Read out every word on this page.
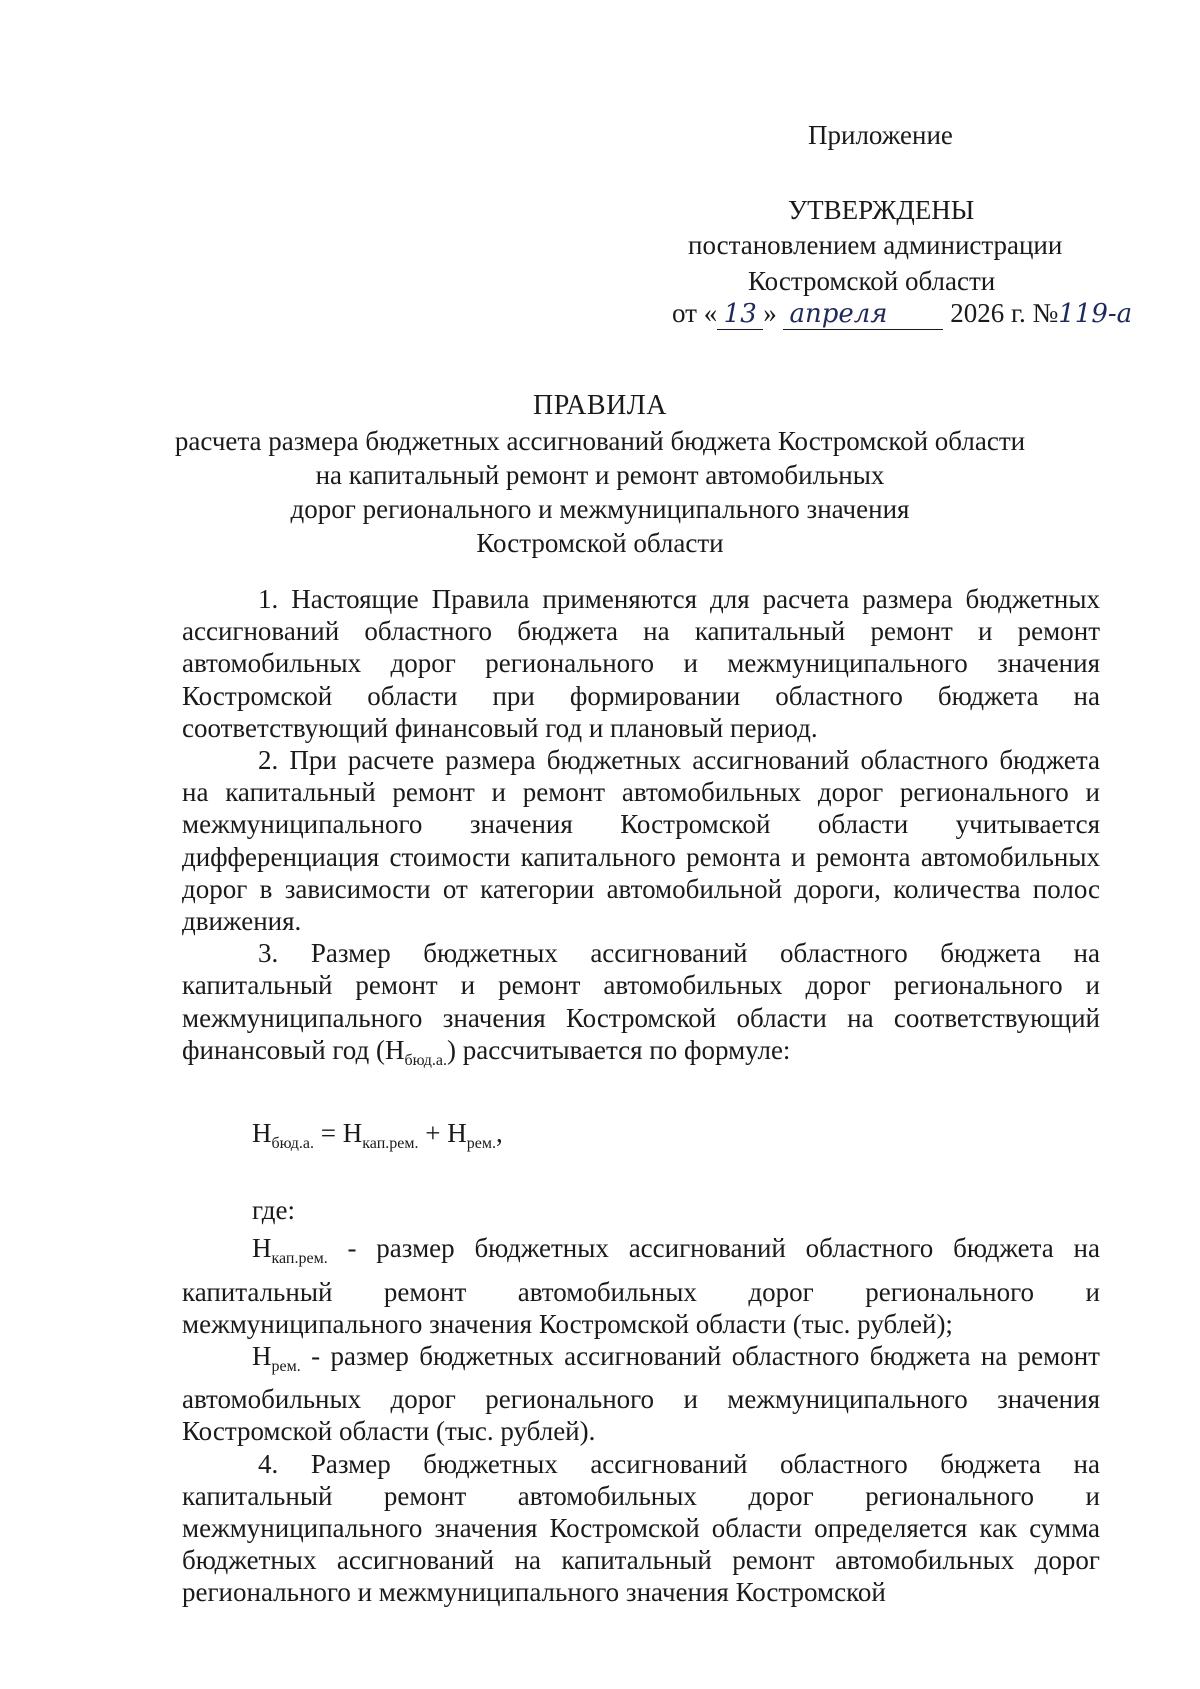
Приложение
УТВЕРЖДЕНЫ
постановлением администрации
Костромской области
от « 13 » апреля 2026 г. №119-а
ПРАВИЛА
расчета размера бюджетных ассигнований бюджета Костромской области
на капитальный ремонт и ремонт автомобильных
дорог регионального и межмуниципального значения
Костромской области

1. Настоящие Правила применяются для расчета размера бюджетных ассигнований областного бюджета на капитальный ремонт и ремонт автомобильных дорог регионального и межмуниципального значения Костромской области при формировании областного бюджета на соответствующий финансовый год и плановый период.

2. При расчете размера бюджетных ассигнований областного бюджета на капитальный ремонт и ремонт автомобильных дорог регионального и межмуниципального значения Костромской области учитывается дифференциация стоимости капитального ремонта и ремонта автомобильных дорог в зависимости от категории автомобильной дороги, количества полос движения.

3. Размер бюджетных ассигнований областного бюджета на капитальный ремонт и ремонт автомобильных дорог регионального и межмуниципального значения Костромской области на соответствующий финансовый год $(Н_{бюд.а.})$ рассчитывается по формуле:

$Н_{бюд.а.} = Н_{кап.рем.} + Н_{рем.}$,

где:

$Н_{кап.рем.}$ - размер бюджетных ассигнований областного бюджета на капитальный ремонт автомобильных дорог регионального и межмуниципального значения Костромской области (тыс. рублей);

$Н_{рем.}$ - размер бюджетных ассигнований областного бюджета на ремонт автомобильных дорог регионального и межмуниципального значения Костромской области (тыс. рублей).

4. Размер бюджетных ассигнований областного бюджета на капитальный ремонт автомобильных дорог регионального и межмуниципального значения Костромской области определяется как сумма бюджетных ассигнований на капитальный ремонт автомобильных дорог регионального и межмуниципального значения Костромской
